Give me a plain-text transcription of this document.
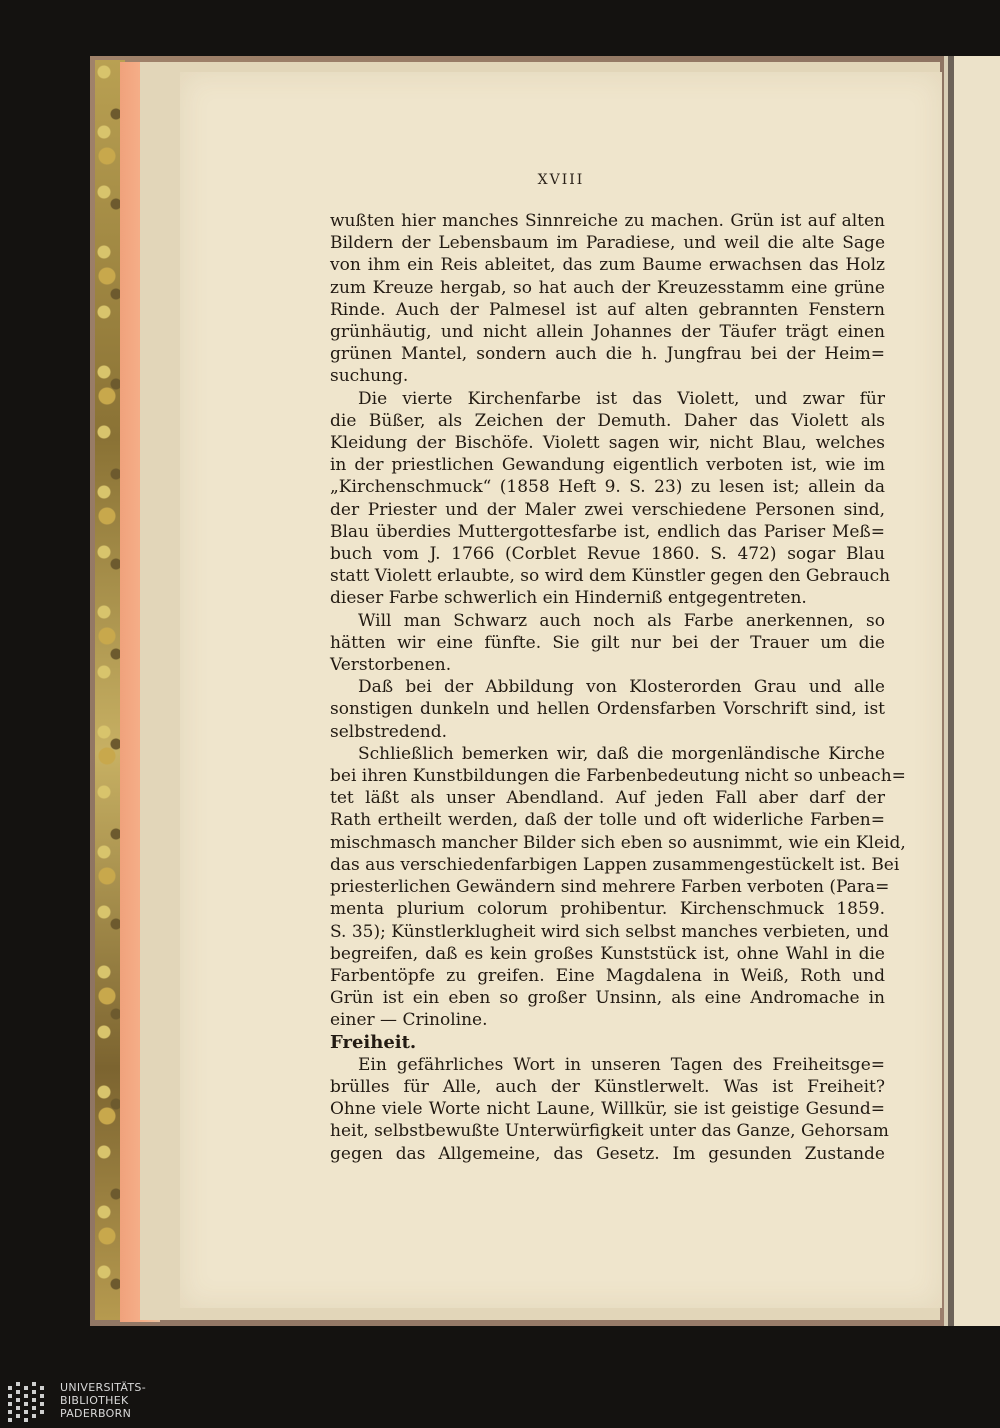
XVIII

wußten hier manches Sinnreiche zu machen. Grün ist auf alten

Bildern der Lebensbaum im Paradiese, und weil die alte Sage

von ihm ein Reis ableitet, das zum Baume erwachsen das Holz

zum Kreuze hergab, so hat auch der Kreuzesstamm eine grüne

Rinde. Auch der Palmesel ist auf alten gebrannten Fenstern

grünhäutig, und nicht allein Johannes der Täufer trägt einen

grünen Mantel, sondern auch die h. Jungfrau bei der Heim=

suchung.

Die vierte Kirchenfarbe ist das Violett, und zwar für

die Büßer, als Zeichen der Demuth. Daher das Violett als

Kleidung der Bischöfe. Violett sagen wir, nicht Blau, welches

in der priestlichen Gewandung eigentlich verboten ist, wie im

„Kirchenschmuck“ (1858 Heft 9. S. 23) zu lesen ist; allein da

der Priester und der Maler zwei verschiedene Personen sind,

Blau überdies Muttergottesfarbe ist, endlich das Pariser Meß=

buch vom J. 1766 (Corblet Revue 1860. S. 472) sogar Blau

statt Violett erlaubte, so wird dem Künstler gegen den Gebrauch

dieser Farbe schwerlich ein Hinderniß entgegentreten.

Will man Schwarz auch noch als Farbe anerkennen, so

hätten wir eine fünfte. Sie gilt nur bei der Trauer um die

Verstorbenen.

Daß bei der Abbildung von Klosterorden Grau und alle

sonstigen dunkeln und hellen Ordensfarben Vorschrift sind, ist

selbstredend.

Schließlich bemerken wir, daß die morgenländische Kirche

bei ihren Kunstbildungen die Farbenbedeutung nicht so unbeach=

tet läßt als unser Abendland. Auf jeden Fall aber darf der

Rath ertheilt werden, daß der tolle und oft widerliche Farben=

mischmasch mancher Bilder sich eben so ausnimmt, wie ein Kleid,

das aus verschiedenfarbigen Lappen zusammengestückelt ist. Bei

priesterlichen Gewändern sind mehrere Farben verboten (Para=

menta plurium colorum prohibentur. Kirchenschmuck 1859.

S. 35); Künstlerklugheit wird sich selbst manches verbieten, und

begreifen, daß es kein großes Kunststück ist, ohne Wahl in die

Farbentöpfe zu greifen. Eine Magdalena in Weiß, Roth und

Grün ist ein eben so großer Unsinn, als eine Andromache in

einer — Crinoline.

Freiheit.

Ein gefährliches Wort in unseren Tagen des Freiheitsge=

brülles für Alle, auch der Künstlerwelt. Was ist Freiheit?

Ohne viele Worte nicht Laune, Willkür, sie ist geistige Gesund=

heit, selbstbewußte Unterwürfigkeit unter das Ganze, Gehorsam

gegen das Allgemeine, das Gesetz. Im gesunden Zustande

UNIVERSITÄTS-
BIBLIOTHEK
PADERBORN
